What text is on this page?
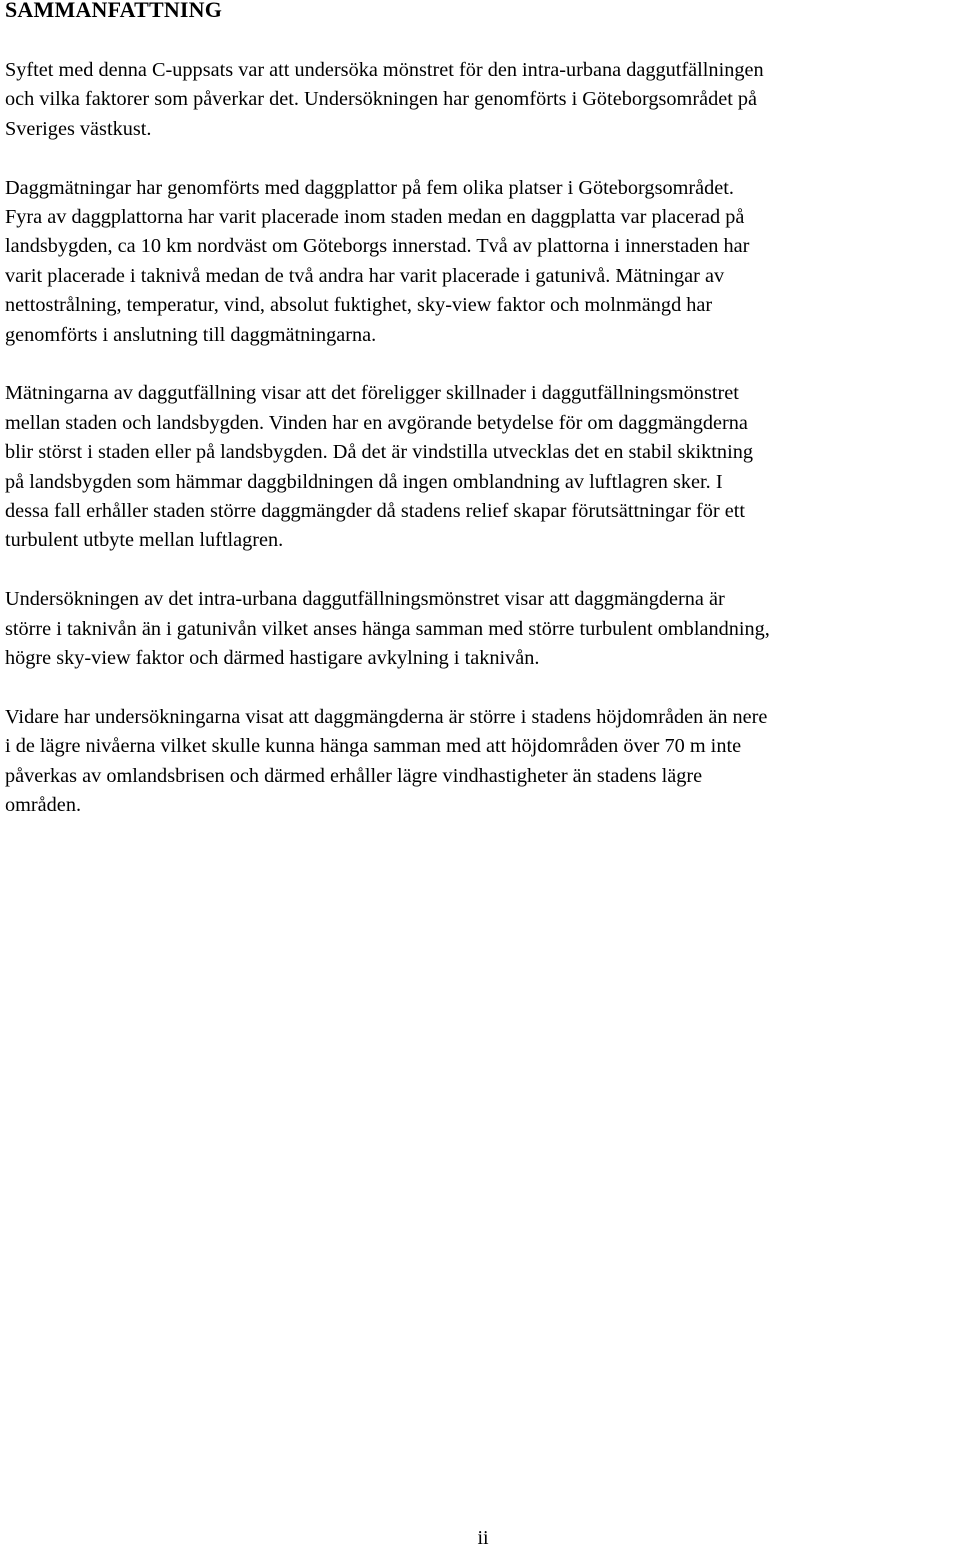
SAMMANFATTNING

Syftet med denna C-uppsats var att undersöka mönstret för den intra-urbana daggutfällningen
och vilka faktorer som påverkar det. Undersökningen har genomförts i Göteborgsområdet på
Sveriges västkust.

Daggmätningar har genomförts med daggplattor på fem olika platser i Göteborgsområdet.
Fyra av daggplattorna har varit placerade inom staden medan en daggplatta var placerad på
landsbygden, ca 10 km nordväst om Göteborgs innerstad. Två av plattorna i innerstaden har
varit placerade i taknivå medan de två andra har varit placerade i gatunivå. Mätningar av
nettostrålning, temperatur, vind, absolut fuktighet, sky-view faktor och molnmängd har
genomförts i anslutning till daggmätningarna.

Mätningarna av daggutfällning visar att det föreligger skillnader i daggutfällningsmönstret
mellan staden och landsbygden. Vinden har en avgörande betydelse för om daggmängderna
blir störst i staden eller på landsbygden. Då det är vindstilla utvecklas det en stabil skiktning
på landsbygden som hämmar daggbildningen då ingen omblandning av luftlagren sker. I
dessa fall erhåller staden större daggmängder då stadens relief skapar förutsättningar för ett
turbulent utbyte mellan luftlagren.

Undersökningen av det intra-urbana daggutfällningsmönstret visar att daggmängderna är
större i taknivån än i gatunivån vilket anses hänga samman med större turbulent omblandning,
högre sky-view faktor och därmed hastigare avkylning i taknivån.

Vidare har undersökningarna visat att daggmängderna är större i stadens höjdområden än nere
i de lägre nivåerna vilket skulle kunna hänga samman med att höjdområden över 70 m inte
påverkas av omlandsbrisen och därmed erhåller lägre vindhastigheter än stadens lägre
områden.

ii
